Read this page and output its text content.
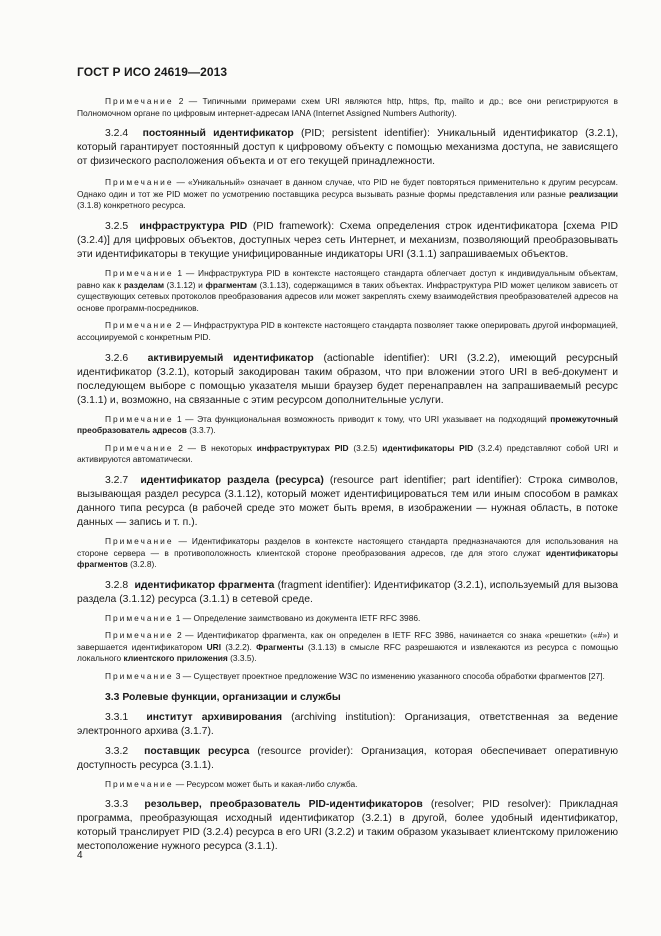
ГОСТ Р ИСО 24619—2013

Примечание 2 — Типичными примерами схем URI являются http, https, ftp, mailto и др.; все они регистрируются в Полномочном органе по цифровым интернет-адресам IANA (Internet Assigned Numbers Authority).

3.2.4 постоянный идентификатор (PID; persistent identifier): Уникальный идентификатор (3.2.1), который гарантирует постоянный доступ к цифровому объекту с помощью механизма доступа, не зависящего от физического расположения объекта и от его текущей принадлежности.

Примечание — «Уникальный» означает в данном случае, что PID не будет повторяться применительно к другим ресурсам. Однако один и тот же PID может по усмотрению поставщика ресурса вызывать разные формы представления или разные реализации (3.1.8) конкретного ресурса.

3.2.5 инфраструктура PID (PID framework): Схема определения строк идентификатора [схема PID (3.2.4)] для цифровых объектов, доступных через сеть Интернет, и механизм, позволяющий преобразовывать эти идентификаторы в текущие унифицированные индикаторы URI (3.1.1) запрашиваемых объектов.

Примечание 1 — Инфраструктура PID в контексте настоящего стандарта облегчает доступ к индивидуальным объектам, равно как к разделам (3.1.12) и фрагментам (3.1.13), содержащимся в таких объектах. Инфраструктура PID может целиком зависеть от существующих сетевых протоколов преобразования адресов или может закреплять схему взаимодействия преобразователей адресов на основе программ-посредников.

Примечание 2 — Инфраструктура PID в контексте настоящего стандарта позволяет также оперировать другой информацией, ассоциируемой с конкретным PID.

3.2.6 активируемый идентификатор (actionable identifier): URI (3.2.2), имеющий ресурсный идентификатор (3.2.1), который закодирован таким образом, что при вложении этого URI в веб-документ и последующем выборе с помощью указателя мыши браузер будет перенаправлен на запрашиваемый ресурс (3.1.1) и, возможно, на связанные с этим ресурсом дополнительные услуги.

Примечание 1 — Эта функциональная возможность приводит к тому, что URI указывает на подходящий промежуточный преобразователь адресов (3.3.7).

Примечание 2 — В некоторых инфраструктурах PID (3.2.5) идентификаторы PID (3.2.4) представляют собой URI и активируются автоматически.

3.2.7 идентификатор раздела (ресурса) (resource part identifier; part identifier): Строка символов, вызывающая раздел ресурса (3.1.12), который может идентифицироваться тем или иным способом в рамках данного типа ресурса (в рабочей среде это может быть время, в изображении — нужная область, в потоке данных — запись и т. п.).

Примечание — Идентификаторы разделов в контексте настоящего стандарта предназначаются для использования на стороне сервера — в противоположность клиентской стороне преобразования адресов, где для этого служат идентификаторы фрагментов (3.2.8).

3.2.8 идентификатор фрагмента (fragment identifier): Идентификатор (3.2.1), используемый для вызова раздела (3.1.12) ресурса (3.1.1) в сетевой среде.

Примечание 1 — Определение заимствовано из документа IETF RFC 3986.

Примечание 2 — Идентификатор фрагмента, как он определен в IETF RFC 3986, начинается со знака «решетки» («#») и завершается идентификатором URI (3.2.2). Фрагменты (3.1.13) в смысле RFC разрешаются и извлекаются из ресурса с помощью локального клиентского приложения (3.3.5).

Примечание 3 — Существует проектное предложение W3C по изменению указанного способа обработки фрагментов [27].

3.3 Ролевые функции, организации и службы

3.3.1 институт архивирования (archiving institution): Организация, ответственная за ведение электронного архива (3.1.7).

3.3.2 поставщик ресурса (resource provider): Организация, которая обеспечивает оперативную доступность ресурса (3.1.1).

Примечание — Ресурсом может быть и какая-либо служба.

3.3.3 резольвер, преобразователь PID-идентификаторов (resolver; PID resolver): Прикладная программа, преобразующая исходный идентификатор (3.2.1) в другой, более удобный идентификатор, который транслирует PID (3.2.4) ресурса в его URI (3.2.2) и таким образом указывает клиентскому приложению местоположение нужного ресурса (3.1.1).

4
